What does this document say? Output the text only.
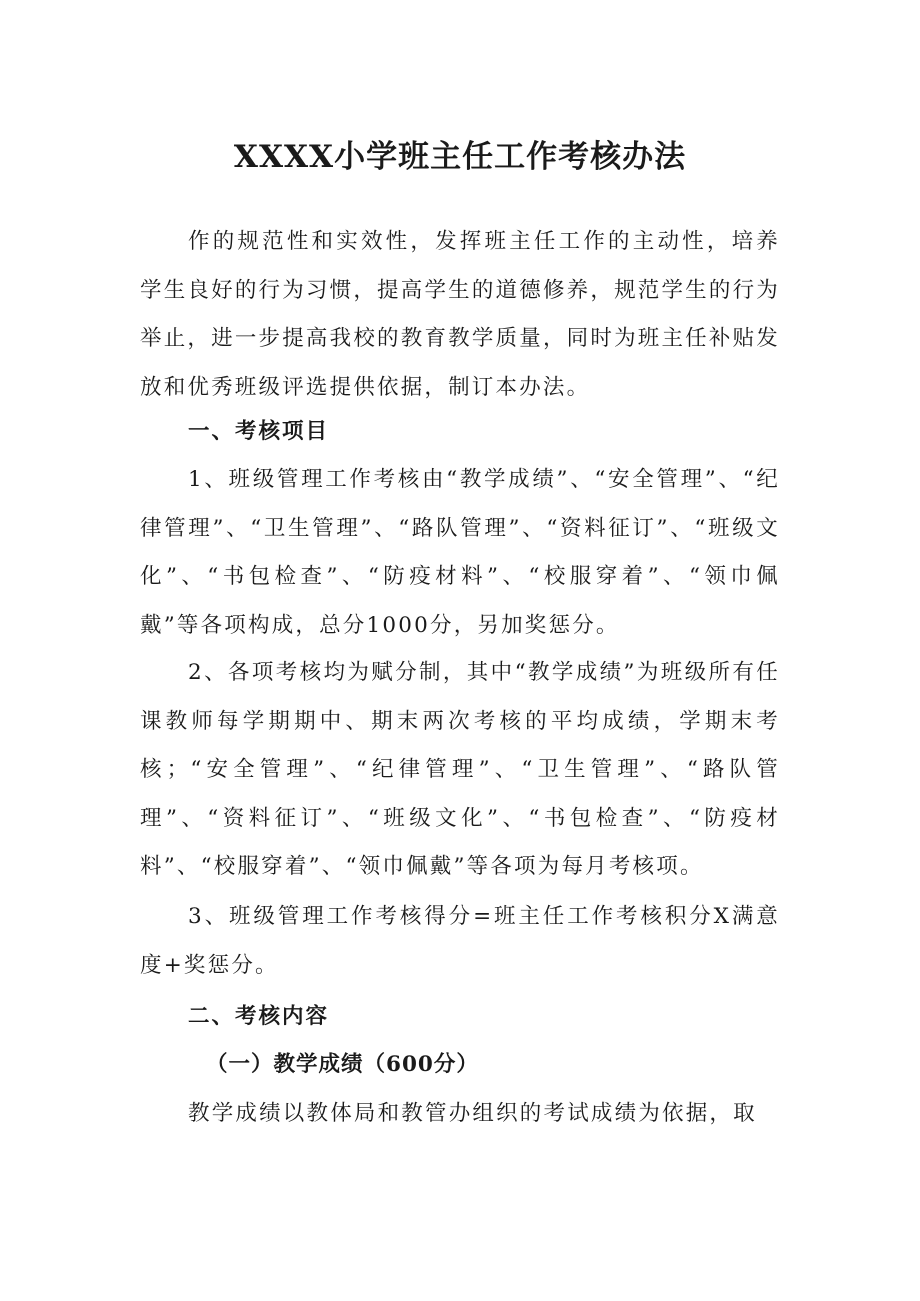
XXXX小学班主任工作考核办法

作的规范性和实效性，发挥班主任工作的主动性，培养学生良好的行为习惯，提高学生的道德修养，规范学生的行为举止，进一步提高我校的教育教学质量，同时为班主任补贴发放和优秀班级评选提供依据，制订本办法。

一、考核项目

1、班级管理工作考核由“教学成绩”、“安全管理”、“纪律管理”、“卫生管理”、“路队管理”、“资料征订”、“班级文化”、“书包检查”、“防疫材料”、“校服穿着”、“领巾佩戴”等各项构成，总分1000分，另加奖惩分。

2、各项考核均为赋分制，其中“教学成绩”为班级所有任课教师每学期期中、期末两次考核的平均成绩，学期末考核；“安全管理”、“纪律管理”、“卫生管理”、“路队管理”、“资料征订”、“班级文化”、“书包检查”、“防疫材料”、“校服穿着”、“领巾佩戴”等各项为每月考核项。

3、班级管理工作考核得分=班主任工作考核积分X满意度+奖惩分。

二、考核内容
（一）教学成绩（600分）

教学成绩以教体局和教管办组织的考试成绩为依据，取
